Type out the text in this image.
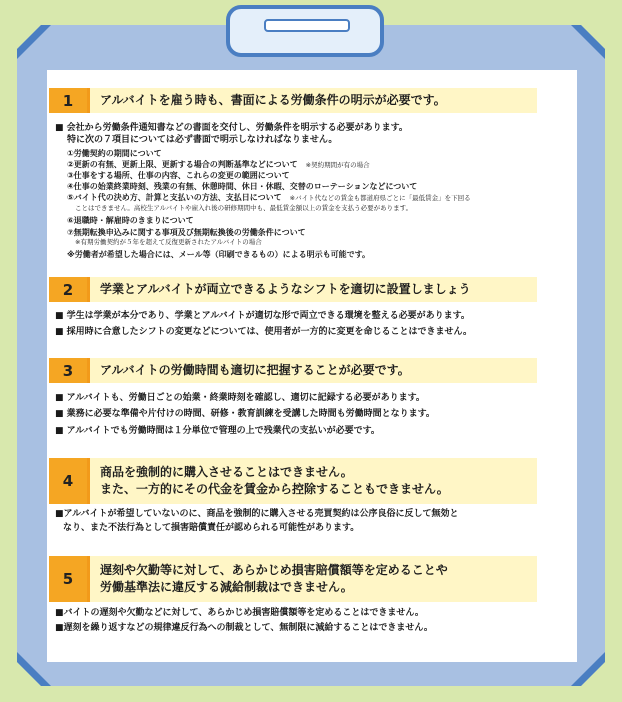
1	アルバイトを雇う時も、書面による労働条件の明示が必要です。
■ 会社から労働条件通知書などの書面を交付し、労働条件を明示する必要があります。
特に次の７項目については必ず書面で明示しなければなりません。
①労働契約の期間について
②更新の有無、更新上限、更新する場合の判断基準などについて　 ※契約期間が有の場合
③仕事をする場所、仕事の内容、これらの変更の範囲について
④仕事の始業終業時刻、残業の有無、休憩時間、休日・休暇、交替のローテーションなどについて
⑤バイト代の決め方、計算と支払いの方法、支払日について　 ※バイト代などの賃金も都道府県ごとに「最低賃金」を下回る
ことはできません。高校生アルバイトや雇入れ後の研修期間中も、最低賃金額以上の賃金を支払う必要があります。
⑥退職時・解雇時のきまりについて
⑦無期転換申込みに関する事項及び無期転換後の労働条件について
※有期労働契約が５年を超えて反復更新されたアルバイトの場合
※労働者が希望した場合には、メール等（印刷できるもの）による明示も可能です。
2	学業とアルバイトが両立できるようなシフトを適切に設置しましょう
■ 学生は学業が本分であり、学業とアルバイトが適切な形で両立できる環境を整える必要があります。
■ 採用時に合意したシフトの変更などについては、使用者が一方的に変更を命じることはできません。
3	アルバイトの労働時間も適切に把握することが必要です。
■ アルバイトも、労働日ごとの始業・終業時刻を確認し、適切に記録する必要があります。
■ 業務に必要な準備や片付けの時間、研修・教育訓練を受講した時間も労働時間となります。
■ アルバイトでも労働時間は１分単位で管理の上で残業代の支払いが必要です。
4	商品を強制的に購入させることはできません。
また、一方的にその代金を賃金から控除することもできません。
■アルバイトが希望していないのに、商品を強制的に購入させる売買契約は公序良俗に反して無効と
なり、また不法行為として損害賠償責任が認められる可能性があります。
5	遅刻や欠勤等に対して、あらかじめ損害賠償額等を定めることや
労働基準法に違反する減給制裁はできません。
■バイトの遅刻や欠勤などに対して、あらかじめ損害賠償額等を定めることはできません。
■遅刻を繰り返すなどの規律違反行為への制裁として、無制限に減給することはできません。
